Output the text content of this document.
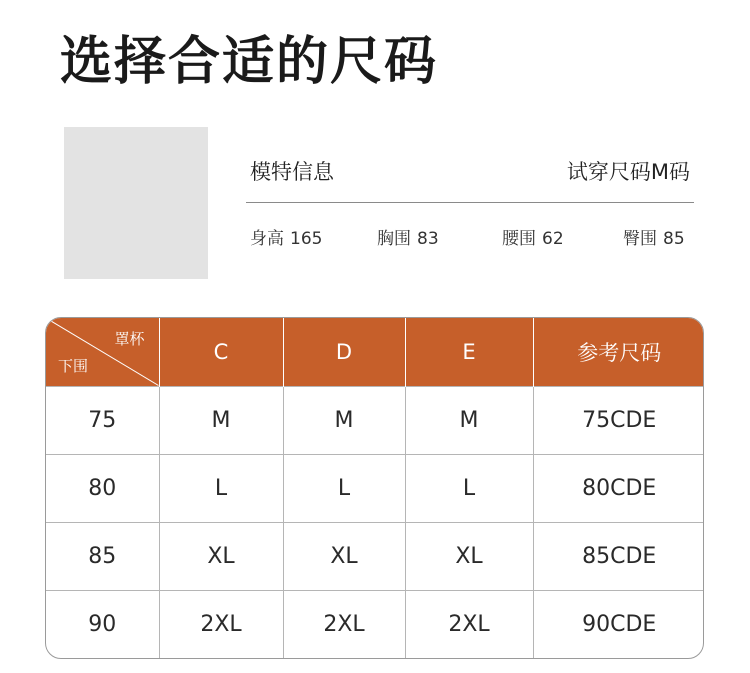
选择合适的尺码
模特信息	试穿尺码M码
身高 165	胸围 83	腰围 62	臀围 85
罩杯
下围	C	D	E	参考尺码
75	M	M	M	75CDE
80	L	L	L	80CDE
85	XL	XL	XL	85CDE
90	2XL	2XL	2XL	90CDE
